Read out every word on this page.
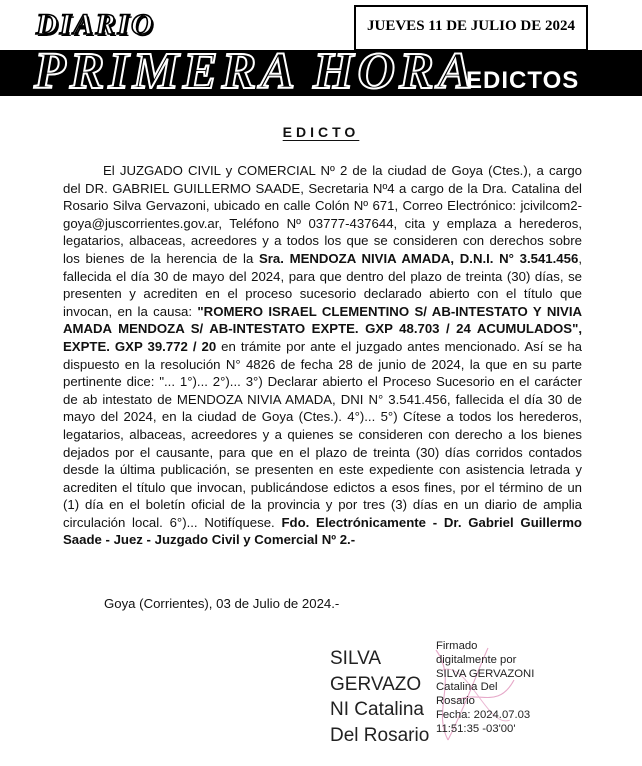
DIARIO	JUEVES 11 DE JULIO DE 2024
PRIMERA HORA
EDICTOS
EDICTO

El JUZGADO CIVIL y COMERCIAL Nº 2 de la ciudad de Goya (Ctes.), a cargo del DR. GABRIEL GUILLERMO SAADE, Secretaria Nº4 a cargo de la Dra. Catalina del Rosario Silva Gervazoni, ubicado en calle Colón Nº 671, Correo Electrónico: jcivilcom2-goya@juscorrientes.gov.ar, Teléfono Nº 03777-437644, cita y emplaza a herederos, legatarios, albaceas, acreedores y a todos los que se consideren con derechos sobre los bienes de la herencia de la Sra. MENDOZA NIVIA AMADA, D.N.I. N° 3.541.456, fallecida el día 30 de mayo del 2024, para que dentro del plazo de treinta (30) días, se presenten y acrediten en el proceso sucesorio declarado abierto con el título que invocan, en la causa: "ROMERO ISRAEL CLEMENTINO S/ AB-INTESTATO Y NIVIA AMADA MENDOZA S/ AB-INTESTATO EXPTE. GXP 48.703 / 24 ACUMULADOS", EXPTE. GXP 39.772 / 20 en trámite por ante el juzgado antes mencionado. Así se ha dispuesto en la resolución N° 4826 de fecha 28 de junio de 2024, la que en su parte pertinente dice: "... 1°)... 2°)... 3°) Declarar abierto el Proceso Sucesorio en el carácter de ab intestato de MENDOZA NIVIA AMADA, DNI N° 3.541.456, fallecida el día 30 de mayo del 2024, en la ciudad de Goya (Ctes.). 4°)... 5°) Cítese a todos los herederos, legatarios, albaceas, acreedores y a quienes se consideren con derecho a los bienes dejados por el causante, para que en el plazo de treinta (30) días corridos contados desde la última publicación, se presenten en este expediente con asistencia letrada y acrediten el título que invocan, publicándose edictos a esos fines, por el término de un (1) día en el boletín oficial de la provincia y por tres (3) días en un diario de amplia circulación local. 6°)... Notifíquese. Fdo. Electrónicamente - Dr. Gabriel Guillermo Saade - Juez - Juzgado Civil y Comercial Nº 2.-

Goya (Corrientes), 03 de Julio de 2024.-
SILVA
GERVAZO
NI Catalina
Del Rosario
Firmado
digitalmente por
SILVA GERVAZONI
Catalina Del
Rosario
Fecha: 2024.07.03
11:51:35 -03'00'
